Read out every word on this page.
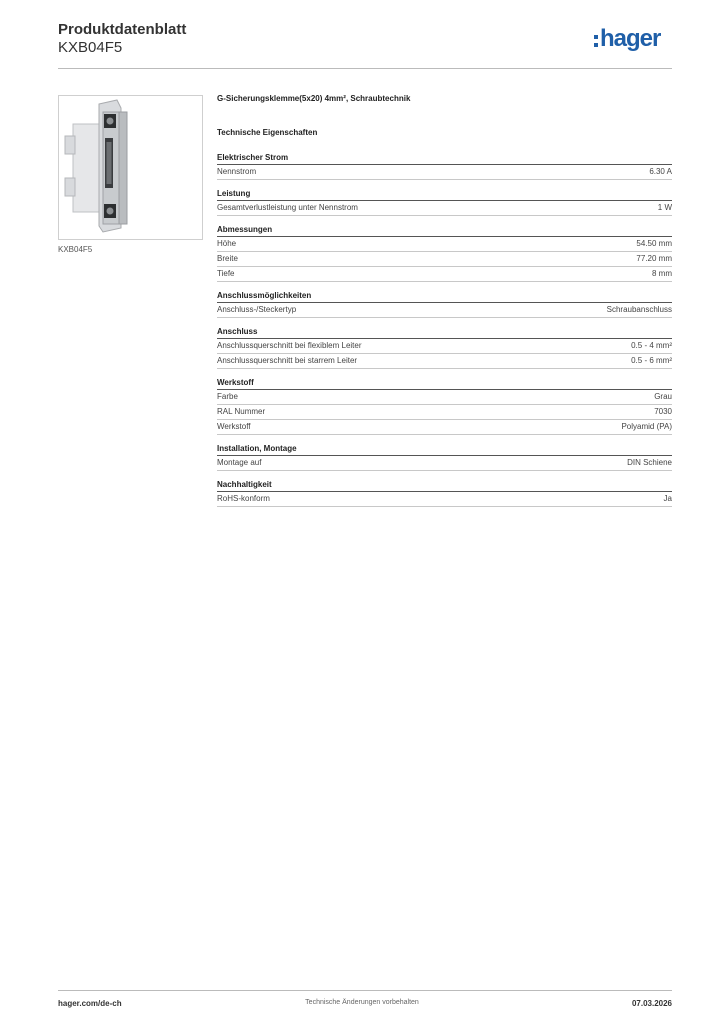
Produktdatenblatt
KXB04F5	hager
KXB04F5
G-Sicherungsklemme(5x20) 4mm², Schraubtechnik
Technische Eigenschaften
Elektrischer Strom
Nennstrom	6.30 A
Leistung
Gesamtverlustleistung unter Nennstrom	1 W
Abmessungen
Höhe	54.50 mm
Breite	77.20 mm
Tiefe	8 mm
Anschlussmöglichkeiten
Anschluss-/Steckertyp	Schraubanschluss
Anschluss
Anschlussquerschnitt bei flexiblem Leiter	0.5 - 4 mm²
Anschlussquerschnitt bei starrem Leiter	0.5 - 6 mm²
Werkstoff
Farbe	Grau
RAL Nummer	7030
Werkstoff	Polyamid (PA)
Installation, Montage
Montage auf	DIN Schiene
Nachhaltigkeit
RoHS-konform	Ja
hager.com/de-ch	Technische Änderungen vorbehalten	07.03.2026
